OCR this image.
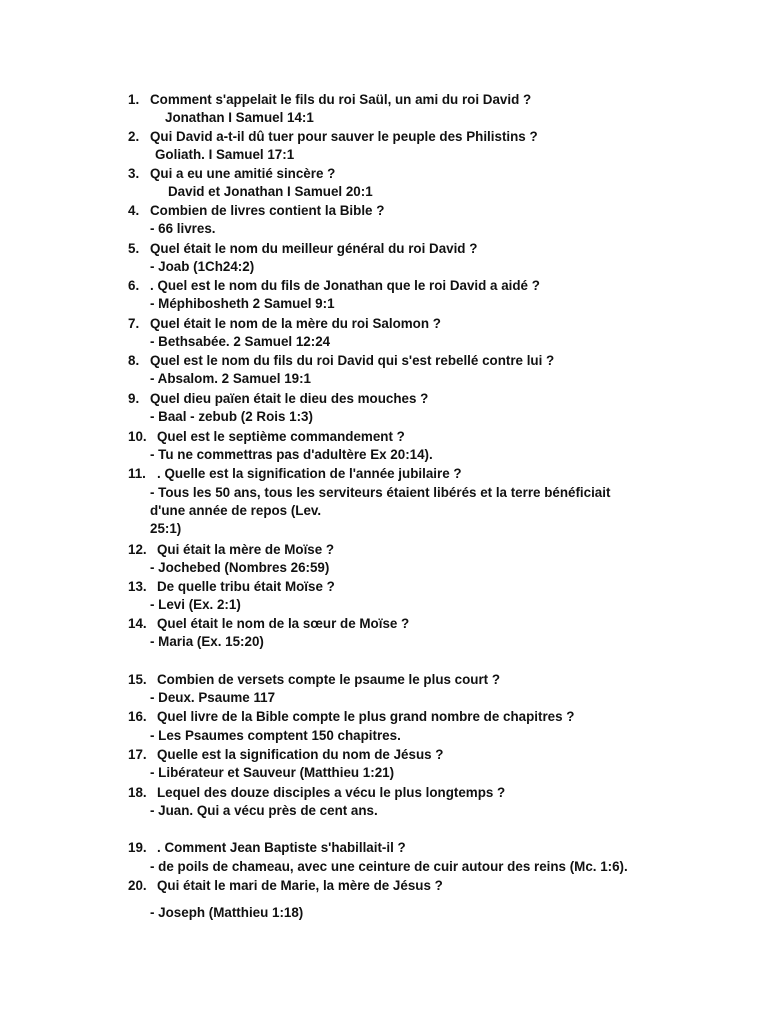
1. Comment s'appelait le fils du roi Saül, un ami du roi David ?
Jonathan I Samuel 14:1
2. Qui David a-t-il dû tuer pour sauver le peuple des Philistins ?
Goliath. I Samuel 17:1
3. Qui a eu une amitié sincère ?
David et Jonathan I Samuel 20:1
4. Combien de livres contient la Bible ?
- 66 livres.
5. Quel était le nom du meilleur général du roi David ?
- Joab (1Ch24:2)
6. . Quel est le nom du fils de Jonathan que le roi David a aidé ?
- Méphibosheth 2 Samuel 9:1
7. Quel était le nom de la mère du roi Salomon ?
- Bethsabée. 2 Samuel 12:24
8. Quel est le nom du fils du roi David qui s'est rebellé contre lui ?
- Absalom. 2 Samuel 19:1
9. Quel dieu païen était le dieu des mouches ?
- Baal - zebub (2 Rois 1:3)
10. Quel est le septième commandement ?
- Tu ne commettras pas d'adultère Ex 20:14).
11. . Quelle est la signification de l'année jubilaire ?
- Tous les 50 ans, tous les serviteurs étaient libérés et la terre bénéficiait
d'une année de repos (Lev.
25:1)
12. Qui était la mère de Moïse ?
- Jochebed (Nombres 26:59)
13. De quelle tribu était Moïse ?
- Levi (Ex. 2:1)
14. Quel était le nom de la sœur de Moïse ?
- Maria (Ex. 15:20)
15. Combien de versets compte le psaume le plus court ?
- Deux. Psaume 117
16. Quel livre de la Bible compte le plus grand nombre de chapitres ?
- Les Psaumes comptent 150 chapitres.
17. Quelle est la signification du nom de Jésus ?
- Libérateur et Sauveur (Matthieu 1:21)
18. Lequel des douze disciples a vécu le plus longtemps ?
- Juan. Qui a vécu près de cent ans.
19. . Comment Jean Baptiste s'habillait-il ?
- de poils de chameau, avec une ceinture de cuir autour des reins (Mc. 1:6).
20. Qui était le mari de Marie, la mère de Jésus ?
- Joseph (Matthieu 1:18)
